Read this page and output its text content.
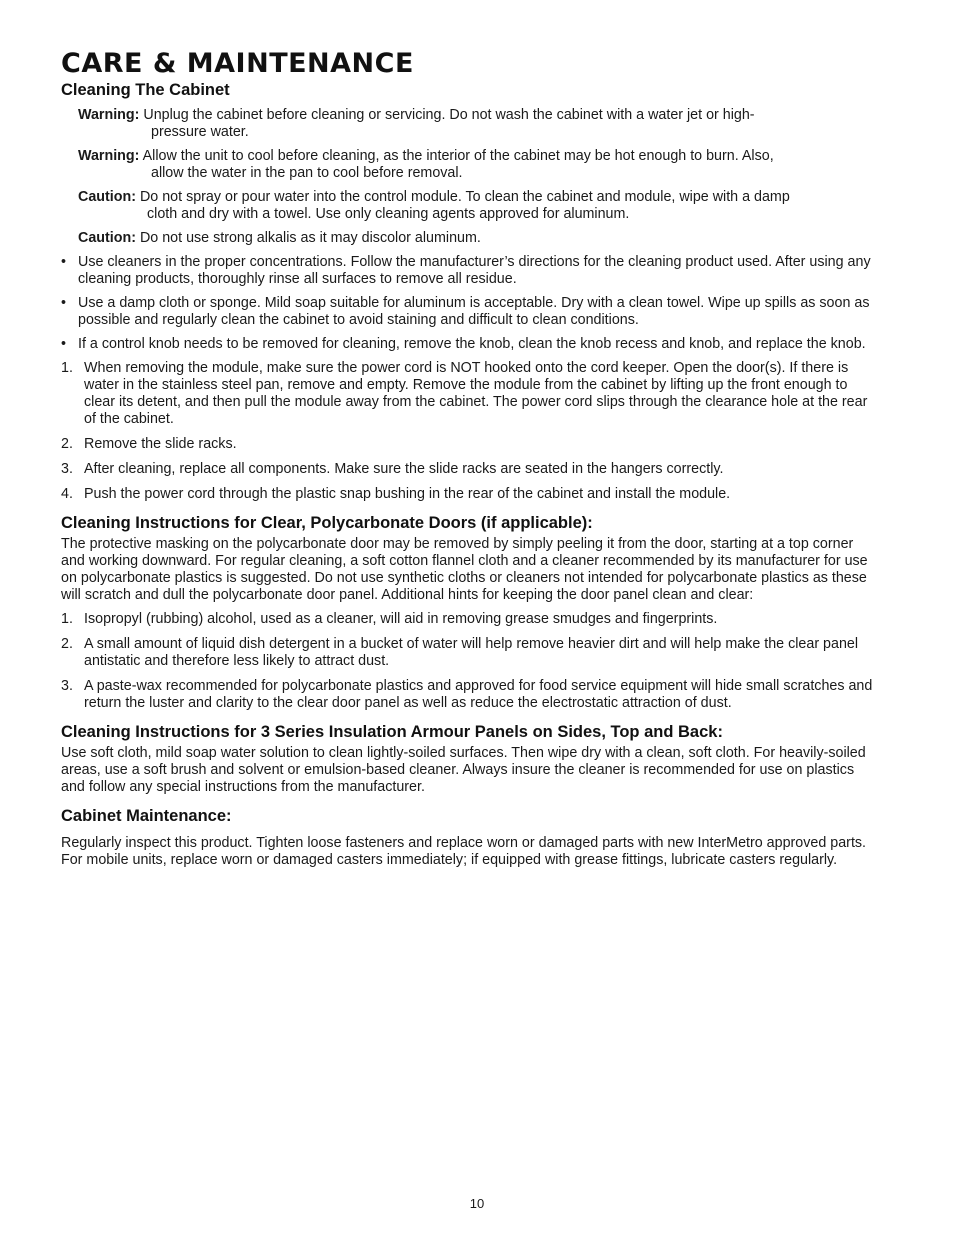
CARE & MAINTENANCE
Cleaning The Cabinet

Warning: Unplug the cabinet before cleaning or servicing. Do not wash the cabinet with a water jet or high-
pressure water.

Warning: Allow the unit to cool before cleaning, as the interior of the cabinet may be hot enough to burn. Also,
allow the water in the pan to cool before removal.

Caution: Do not spray or pour water into the control module. To clean the cabinet and module, wipe with a damp
cloth and dry with a towel. Use only cleaning agents approved for aluminum.

Caution: Do not use strong alkalis as it may discolor aluminum.

• Use cleaners in the proper concentrations. Follow the manufacturer’s directions for the cleaning product used. After using any cleaning products, thoroughly rinse all surfaces to remove all residue.
• Use a damp cloth or sponge. Mild soap suitable for aluminum is acceptable. Dry with a clean towel. Wipe up spills as soon as possible and regularly clean the cabinet to avoid staining and difficult to clean conditions.
• If a control knob needs to be removed for cleaning, remove the knob, clean the knob recess and knob, and replace the knob.
1. When removing the module, make sure the power cord is NOT hooked onto the cord keeper. Open the door(s). If there is water in the stainless steel pan, remove and empty. Remove the module from the cabinet by lifting up the front enough to clear its detent, and then pull the module away from the cabinet. The power cord slips through the clearance hole at the rear of the cabinet.
2. Remove the slide racks.
3. After cleaning, replace all components. Make sure the slide racks are seated in the hangers correctly.
4. Push the power cord through the plastic snap bushing in the rear of the cabinet and install the module.
Cleaning Instructions for Clear, Polycarbonate Doors (if applicable):

The protective masking on the polycarbonate door may be removed by simply peeling it from the door, starting at a top corner and working downward. For regular cleaning, a soft cotton flannel cloth and a cleaner recommended by its manufacturer for use on polycarbonate plastics is suggested. Do not use synthetic cloths or cleaners not intended for polycarbonate plastics as these will scratch and dull the polycarbonate door panel. Additional hints for keeping the door panel clean and clear:

1. Isopropyl (rubbing) alcohol, used as a cleaner, will aid in removing grease smudges and fingerprints.
2. A small amount of liquid dish detergent in a bucket of water will help remove heavier dirt and will help make the clear panel antistatic and therefore less likely to attract dust.
3. A paste-wax recommended for polycarbonate plastics and approved for food service equipment will hide small scratches and return the luster and clarity to the clear door panel as well as reduce the electrostatic attraction of dust.
Cleaning Instructions for 3 Series Insulation Armour Panels on Sides, Top and Back:

Use soft cloth, mild soap water solution to clean lightly-soiled surfaces. Then wipe dry with a clean, soft cloth. For heavily-soiled areas, use a soft brush and solvent or emulsion-based cleaner. Always insure the cleaner is recommended for use on plastics and follow any special instructions from the manufacturer.

Cabinet Maintenance:

Regularly inspect this product. Tighten loose fasteners and replace worn or damaged parts with new InterMetro approved parts. For mobile units, replace worn or damaged casters immediately; if equipped with grease fittings, lubricate casters regularly.

10
